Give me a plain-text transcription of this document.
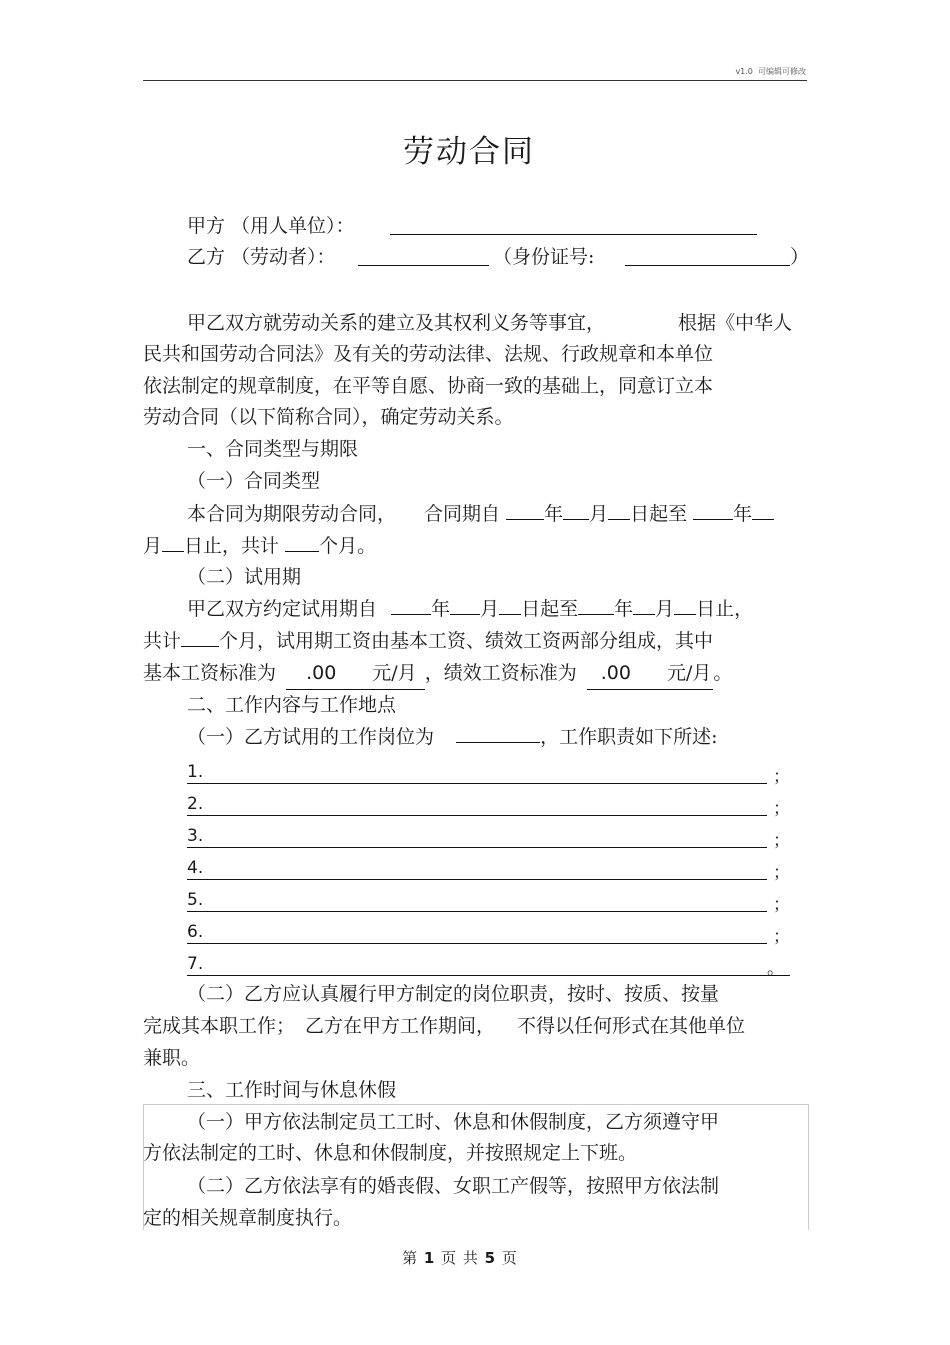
v1.0 可编辑可修改
劳动合同
甲方 （用人单位）：
乙方 （劳动者）：	（身份证号:	）
甲乙双方就劳动关系的建立及其权利义务等事宜，	根据《中华人
民共和国劳动合同法》及有关的劳动法律、法规、行政规章和本单位
依法制定的规章制度，在平等自愿、协商一致的基础上，同意订立本
劳动合同（以下简称合同），确定劳动关系。
一、合同类型与期限
（一）合同类型
本合同为期限劳动合同， 合同期自 年 月 日起至 年
月 日止，共计 个月。
（二）试用期
甲乙双方约定试用期自	年 月 日起至 年 月 日止，
共计 个月，试用期工资由基本工资、绩效工资两部分组成，其中
基本工资标准为 .00 元/月 ，绩效工资标准为 .00 元/月 。
二、工作内容与工作地点
（一）乙方试用的工作岗位为	，工作职责如下所述:
1.	；
2.	；
3.	；
4.	；
5.	；
6.	；
7.	。
（二）乙方应认真履行甲方制定的岗位职责，按时、按质、按量
完成其本职工作； 乙方在甲方工作期间， 不得以任何形式在其他单位
兼职。
三、工作时间与休息休假
（一）甲方依法制定员工工时、休息和休假制度，乙方须遵守甲
方依法制定的工时、休息和休假制度，并按照规定上下班。
（二）乙方依法享有的婚丧假、女职工产假等，按照甲方依法制
定的相关规章制度执行。
第 1 页 共 5 页
